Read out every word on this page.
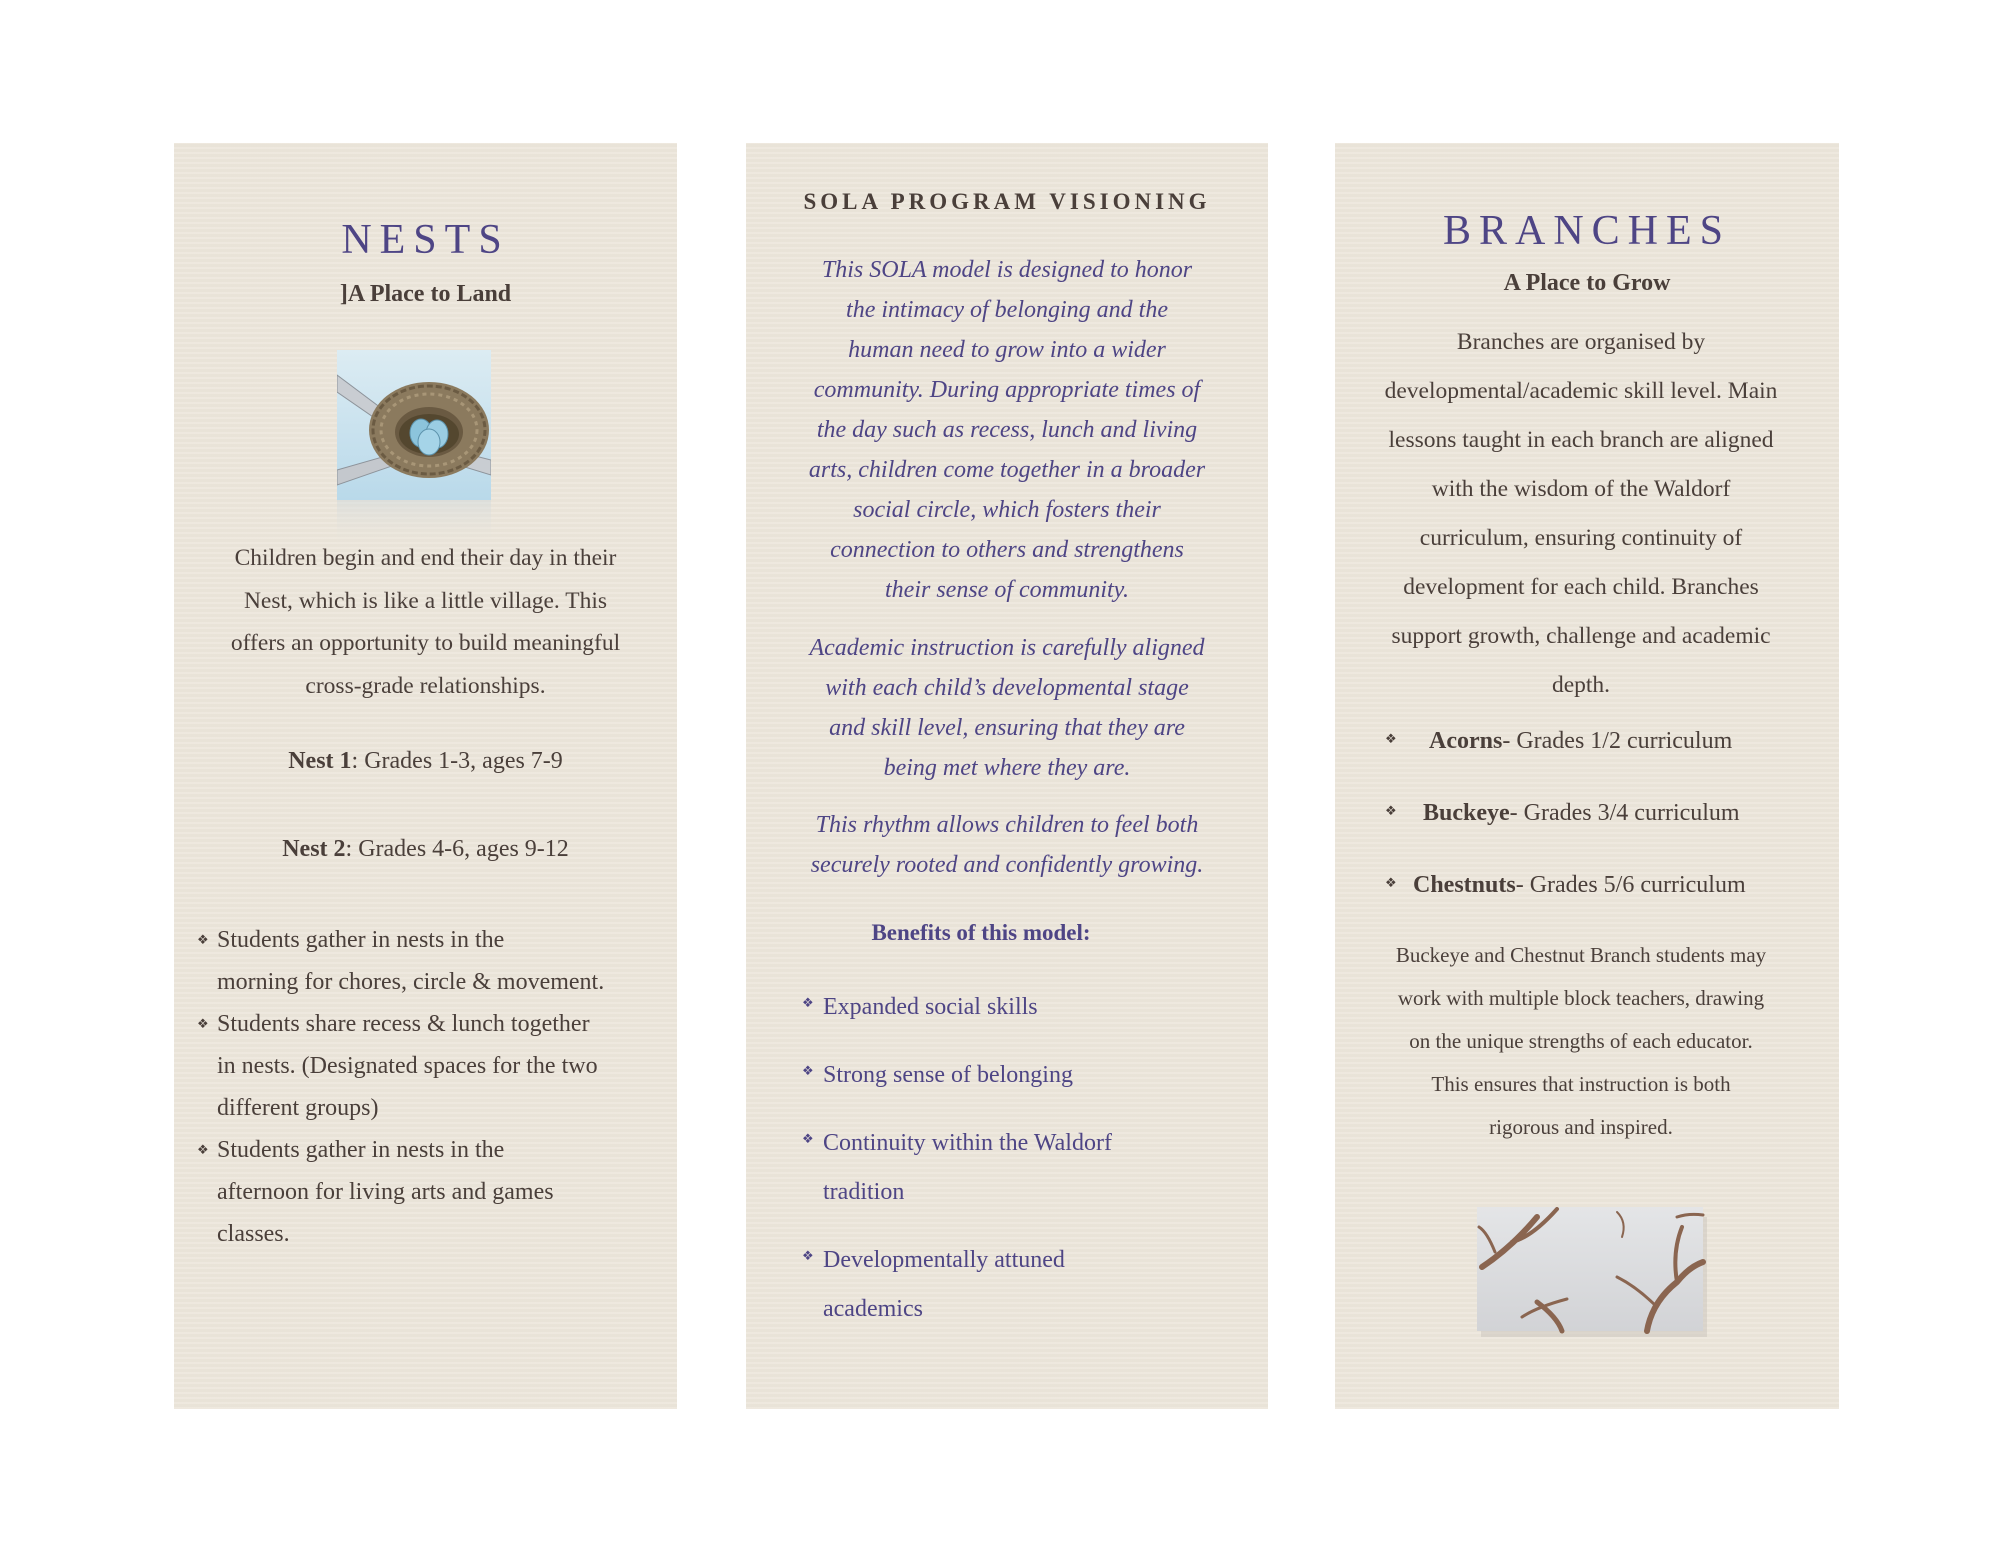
NESTS
]A Place to Land
Children begin and end their day in their
Nest, which is like a little village. This
offers an opportunity to build meaningful
cross-grade relationships.
Nest 1: Grades 1-3, ages 7-9
Nest 2: Grades 4-6, ages 9-12
❖ Students gather in nests in the
morning for chores, circle & movement.
❖ Students share recess & lunch together
in nests. (Designated spaces for the two
different groups)
❖ Students gather in nests in the
afternoon for living arts and games
classes.
SOLA PROGRAM VISIONING
This SOLA model is designed to honor
the intimacy of belonging and the
human need to grow into a wider
community. During appropriate times of
the day such as recess, lunch and living
arts, children come together in a broader
social circle, which fosters their
connection to others and strengthens
their sense of community.
Academic instruction is carefully aligned
with each child’s developmental stage
and skill level, ensuring that they are
being met where they are.
This rhythm allows children to feel both
securely rooted and confidently growing.
Benefits of this model:
❖ Expanded social skills
❖ Strong sense of belonging
❖ Continuity within the Waldorf
tradition
❖ Developmentally attuned
academics
BRANCHES
A Place to Grow
Branches are organised by
developmental/academic skill level. Main
lessons taught in each branch are aligned
with the wisdom of the Waldorf
curriculum, ensuring continuity of
development for each child. Branches
support growth, challenge and academic
depth.
❖ Acorns- Grades 1/2 curriculum
❖ Buckeye- Grades 3/4 curriculum
❖ Chestnuts- Grades 5/6 curriculum
Buckeye and Chestnut Branch students may
work with multiple block teachers, drawing
on the unique strengths of each educator.
This ensures that instruction is both
rigorous and inspired.
